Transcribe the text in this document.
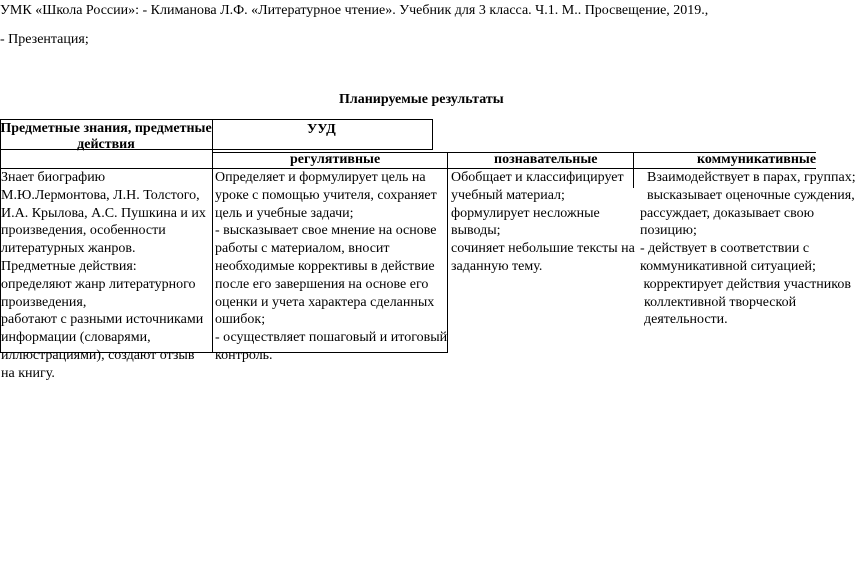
УМК «Школа России»: - Климанова Л.Ф. «Литературное чтение». Учебник для 3 класса. Ч.1. М.. Просвещение, 2019.,
- Презентация;
Планируемые результаты
Предметные знания, предметные
действия
УУД
регулятивные	познавательные	коммуникативные
Знает биографию
М.Ю.Лермонтова, Л.Н. Толстого,
И.А. Крылова, А.С. Пушкина и их
произведения, особенности
литературных жанров.
Предметные действия:
определяют жанр литературного
произведения,
работают с разными источниками
информации (словарями,
иллюстрациями), создают отзыв
на книгу.
Определяет и формулирует цель на
уроке с помощью учителя, сохраняет
цель и учебные задачи;
- высказывает свое мнение на основе
работы с материалом, вносит
необходимые коррективы в действие
после его завершения на основе его
оценки и учета характера сделанных
ошибок;
- осуществляет пошаговый и итоговый
контроль.
Обобщает и классифицирует
учебный материал;
формулирует несложные
выводы;
сочиняет небольшие тексты на
заданную тему.
Взаимодействует в парах, группах;
высказывает оценочные суждения,
рассуждает, доказывает свою
позицию;
- действует в соответствии с
коммуникативной ситуацией;
корректирует действия участников
коллективной творческой
деятельности.
